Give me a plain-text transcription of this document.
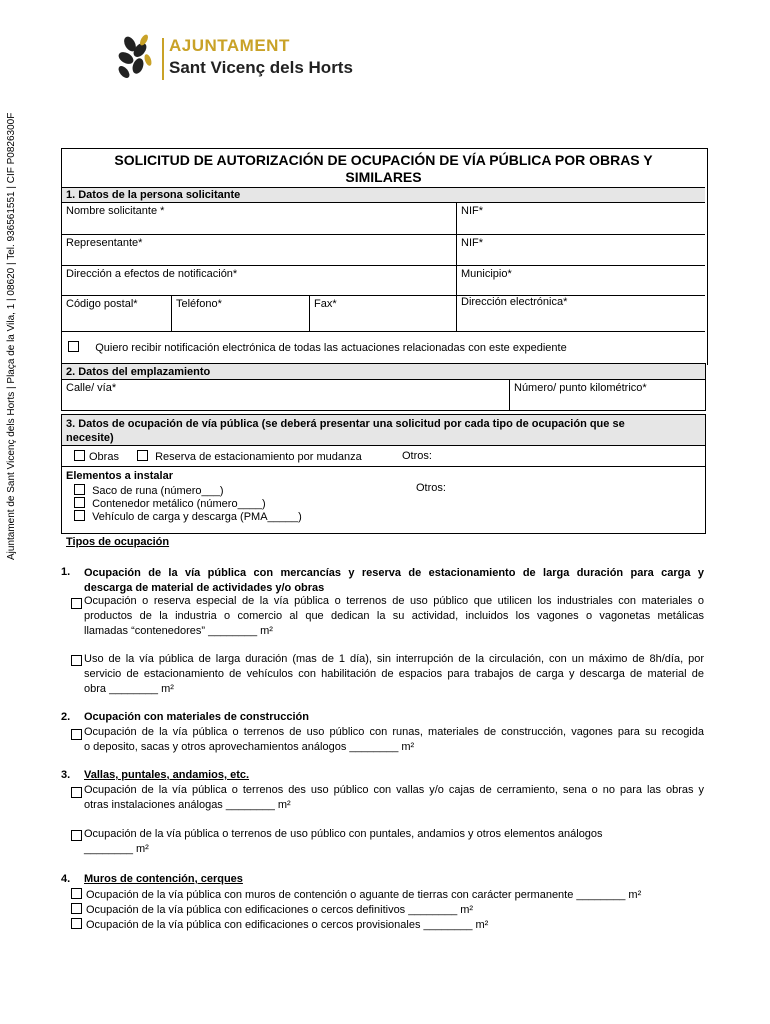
Ajuntament de Sant Vicenç dels Horts | Plaça de la Vila, 1 | 08620 | Tel. 936561551 | CIF P0826300F
AJUNTAMENT
Sant Vicenç dels Horts
SOLICITUD DE AUTORIZACIÓN DE OCUPACIÓN DE VÍA PÚBLICA POR OBRAS Y
SIMILARES
1. Datos de la persona solicitante
Nombre solicitante *	NIF*
Representante*	NIF*
Dirección a efectos de notificación*	Municipio*
Código postal*	Teléfono*	Fax*	Dirección electrónica*
Quiero recibir notificación electrónica de todas las actuaciones relacionadas con este expediente
2. Datos del emplazamiento
Calle/ vía*	Número/ punto kilométrico*
3. Datos de ocupación de vía pública (se deberá presentar una solicitud por cada tipo de ocupación que se
necesite)
Obras	Reserva de estacionamiento por mudanza	Otros:
Elementos a instalar
Saco de runa (número___)
Contenedor metálico (número____)
Vehículo de carga y descarga (PMA_____)
Otros:
Tipos de ocupación
1. Ocupación de la vía pública con mercancías y reserva de estacionamiento de larga duración para carga y
descarga de material de actividades y/o obras
Ocupación o reserva especial de la vía pública o terrenos de uso público que utilicen los industriales con materiales o
productos de la industria o comercio al que dedican la su actividad, incluidos los vagones o vagonetas metálicas
llamadas “contenedores” ________ m²
Uso de la vía pública de larga duración (mas de 1 día), sin interrupción de la circulación, con un máximo de 8h/día, por
servicio de estacionamiento de vehículos con habilitación de espacios para trabajos de carga y descarga de material de
obra ________ m²
2. Ocupación con materiales de construcción
Ocupación de la vía pública o terrenos de uso público con runas, materiales de construcción, vagones para su recogida
o deposito, sacas y otros aprovechamientos análogos ________ m²
3. Vallas, puntales, andamios, etc.
Ocupación de la vía pública o terrenos des uso público con vallas y/o cajas de cerramiento, sena o no para las obras y
otras instalaciones análogas ________ m²
Ocupación de la vía pública o terrenos de uso público con puntales, andamios y otros elementos análogos
________ m²
4. Muros de contención, cerques
Ocupación de la vía pública con muros de contención o aguante de tierras con carácter permanente ________ m²
Ocupación de la vía pública con edificaciones o cercos definitivos ________ m²
Ocupación de la vía pública con edificaciones o cercos provisionales ________ m²
